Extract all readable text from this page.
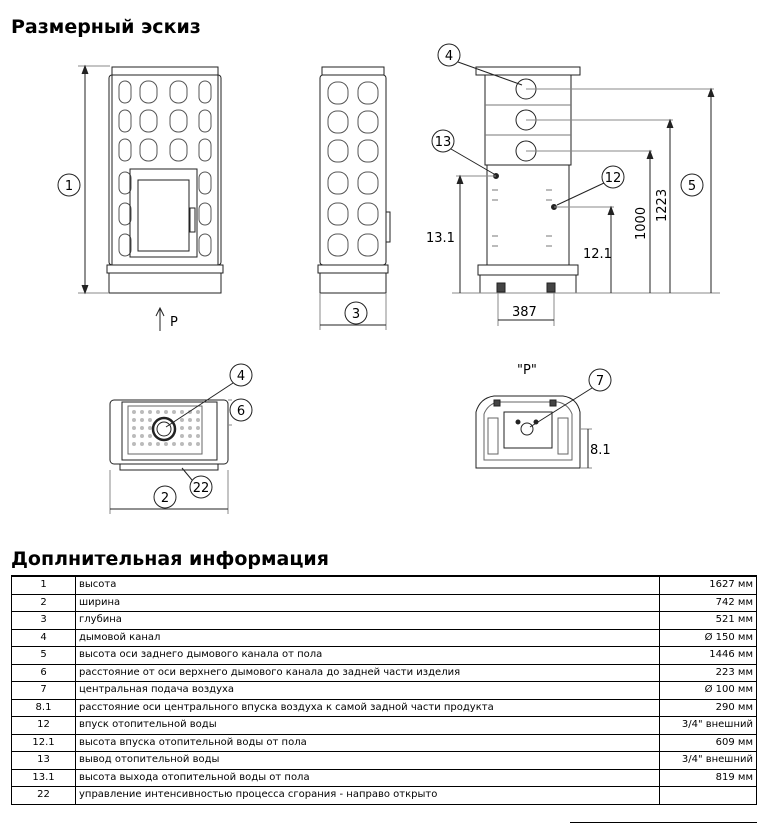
Размерный эскиз
1
3
4
13
12
5
2
4
6
22
7
P
"P"
387
13.1
12.1
8.1
1000
1223
Доплнительная информация
1	высота	1627 мм
2	ширина	742 мм
3	глубина	521 мм
4	дымовой канал	Ø 150 мм
5	высота оси заднего дымового канала от пола	1446 мм
6	расстояние от оси верхнего дымового канала до задней части изделия	223 мм
7	центральная подача воздуха	Ø 100 мм
8.1	расстояние оси центрального впуска воздуха к самой задной части продукта	290 мм
12	впуск отопительной воды	3/4" внешний
12.1	высота впуска отопительной воды от пола	609 мм
13	вывод отопительной воды	3/4" внешний
13.1	высота выхода отопительной воды от пола	819 мм
22	управление интенсивностью процесса сгорания - направо открыто	
